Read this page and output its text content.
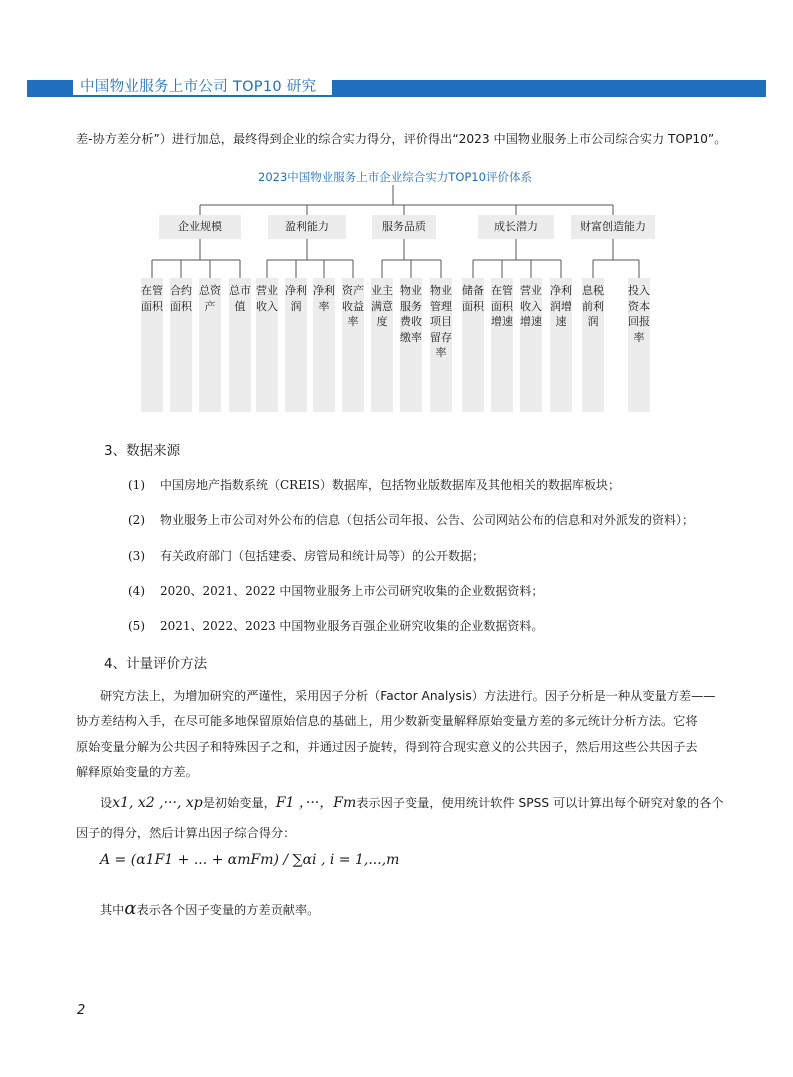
中国物业服务上市公司 TOP10 研究
差-协方差分析”）进行加总，最终得到企业的综合实力得分，评价得出“2023 中国物业服务上市公司综合实力 TOP10”。
2023中国物业服务上市企业综合实力TOP10评价体系
企业规模	盈利能力	服务品质	成长潜力	财富创造能力
在管面积
合约面积
总资产
总市值
营业收入
净利润
净利率
资产收益率
业主满意度
物业服务费收缴率
物业管理项目留存率
储备面积
在管面积增速
营业收入增速
净利润增速
息税前利润
投入资本回报率
3、数据来源
(1) 中国房地产指数系统（CREIS）数据库，包括物业版数据库及其他相关的数据库板块；
(2) 物业服务上市公司对外公布的信息（包括公司年报、公告、公司网站公布的信息和对外派发的资料）；
(3) 有关政府部门（包括建委、房管局和统计局等）的公开数据；
(4) 2020、2021、2022 中国物业服务上市公司研究收集的企业数据资料；
(5) 2021、2022、2023 中国物业服务百强企业研究收集的企业数据资料。
4、计量评价方法
研究方法上，为增加研究的严谨性，采用因子分析（Factor Analysis）方法进行。因子分析是一种从变量方差——
协方差结构入手，在尽可能多地保留原始信息的基础上，用少数新变量解释原始变量方差的多元统计分析方法。它将
原始变量分解为公共因子和特殊因子之和，并通过因子旋转，得到符合现实意义的公共因子，然后用这些公共因子去
解释原始变量的方差。
设x1, x2 ,···, xp是初始变量，F1 ，···，Fm表示因子变量，使用统计软件 SPSS 可以计算出每个研究对象的各个
因子的得分，然后计算出因子综合得分：
A = (α1F1 + ... + αmFm) / ∑αi , i = 1,...,m
其中α表示各个因子变量的方差贡献率。
2
